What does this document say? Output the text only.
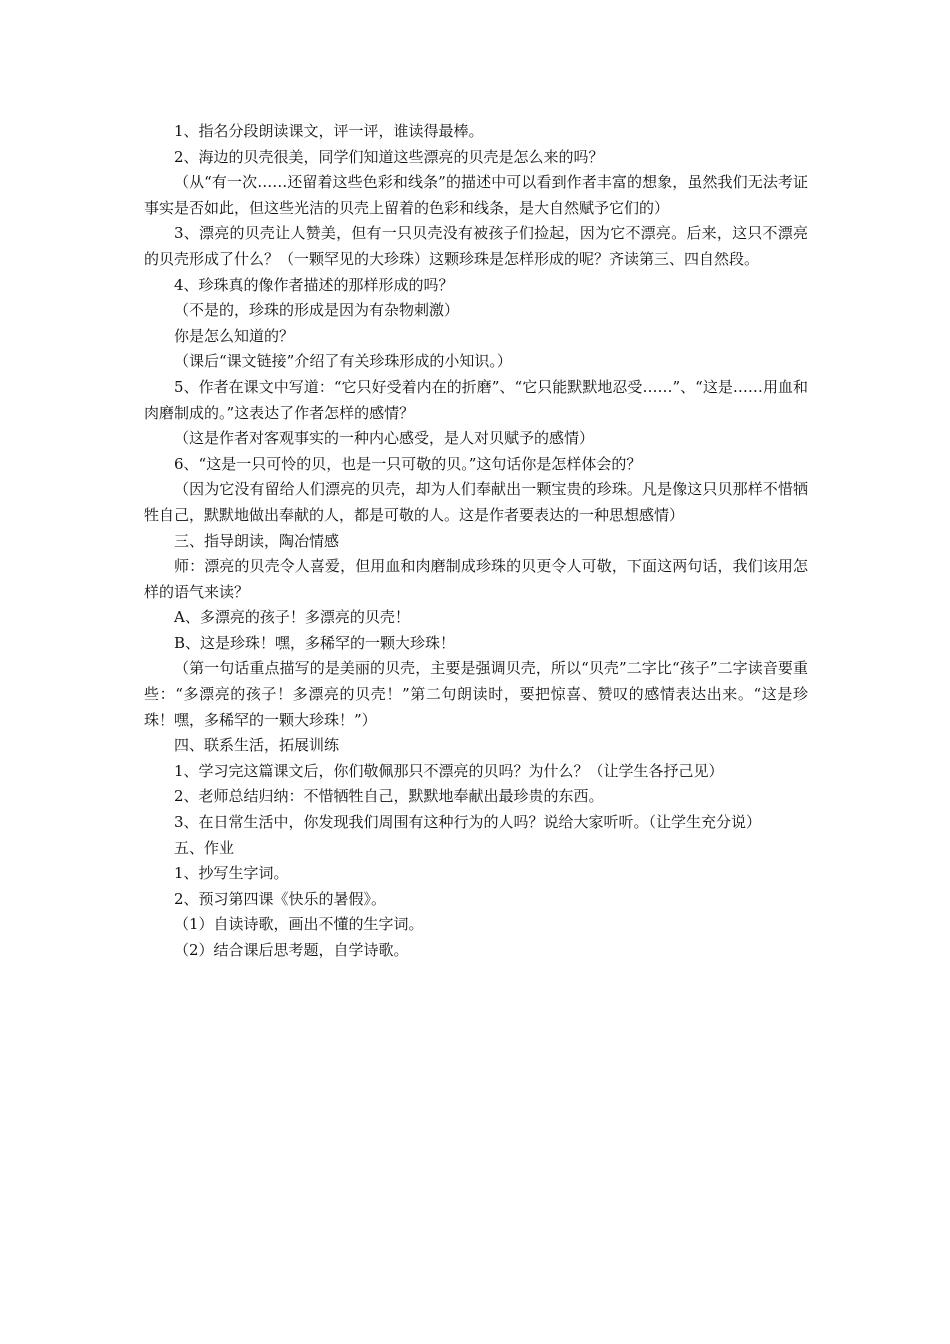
1、指名分段朗读课文，评一评，谁读得最棒。

2、海边的贝壳很美，同学们知道这些漂亮的贝壳是怎么来的吗？

（从“有一次……还留着这些色彩和线条”的描述中可以看到作者丰富的想象，虽然我们无法考证事实是否如此，但这些光洁的贝壳上留着的色彩和线条，是大自然赋予它们的）

3、漂亮的贝壳让人赞美，但有一只贝壳没有被孩子们捡起，因为它不漂亮。后来，这只不漂亮的贝壳形成了什么？（一颗罕见的大珍珠）这颗珍珠是怎样形成的呢？齐读第三、四自然段。

4、珍珠真的像作者描述的那样形成的吗？

（不是的，珍珠的形成是因为有杂物刺激）

你是怎么知道的？

（课后“课文链接”介绍了有关珍珠形成的小知识。）

5、作者在课文中写道：“它只好受着内在的折磨”、“它只能默默地忍受……”、“这是……用血和肉磨制成的。”这表达了作者怎样的感情？

（这是作者对客观事实的一种内心感受，是人对贝赋予的感情）

6、“这是一只可怜的贝，也是一只可敬的贝。”这句话你是怎样体会的？

（因为它没有留给人们漂亮的贝壳，却为人们奉献出一颗宝贵的珍珠。凡是像这只贝那样不惜牺牲自己，默默地做出奉献的人，都是可敬的人。这是作者要表达的一种思想感情）

三、指导朗读，陶冶情感

师：漂亮的贝壳令人喜爱，但用血和肉磨制成珍珠的贝更令人可敬，下面这两句话，我们该用怎样的语气来读？

A、多漂亮的孩子！多漂亮的贝壳！

B、这是珍珠！嘿，多稀罕的一颗大珍珠！

（第一句话重点描写的是美丽的贝壳，主要是强调贝壳，所以“贝壳”二字比“孩子”二字读音要重些：“多漂亮的孩子！多漂亮的贝壳！”第二句朗读时，要把惊喜、赞叹的感情表达出来。“这是珍珠！嘿，多稀罕的一颗大珍珠！”）

四、联系生活，拓展训练

1、学习完这篇课文后，你们敬佩那只不漂亮的贝吗？为什么？（让学生各抒己见）

2、老师总结归纳：不惜牺牲自己，默默地奉献出最珍贵的东西。

3、在日常生活中，你发现我们周围有这种行为的人吗？说给大家听听。（让学生充分说）

五、作业

1、抄写生字词。

2、预习第四课《快乐的暑假》。

（1）自读诗歌，画出不懂的生字词。

（2）结合课后思考题，自学诗歌。
